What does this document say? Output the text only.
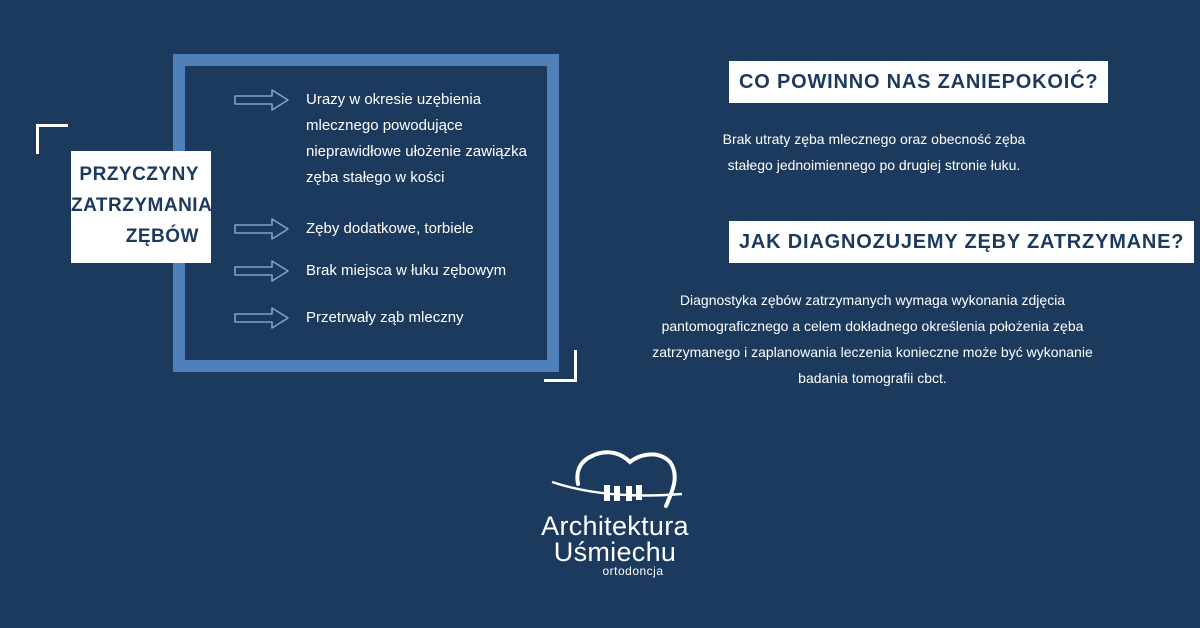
PRZYCZYNY
ZATRZYMANIA
ZĘBÓW
Urazy w okresie uzębienia mlecznego powodujące nieprawidłowe ułożenie zawiązka zęba stałego w kości
Zęby dodatkowe, torbiele
Brak miejsca w łuku zębowym
Przetrwały ząb mleczny
CO POWINNO NAS ZANIEPOKOIĆ?
Brak utraty zęba mlecznego oraz obecność zęba stałego jednoimiennego po drugiej stronie łuku.
JAK DIAGNOZUJEMY ZĘBY ZATRZYMANE?
Diagnostyka zębów zatrzymanych wymaga wykonania zdjęcia pantomograficznego a celem dokładnego określenia położenia zęba zatrzymanego i zaplanowania leczenia konieczne może być wykonanie badania tomografii cbct.
Architektura
Uśmiechu
ortodoncja
